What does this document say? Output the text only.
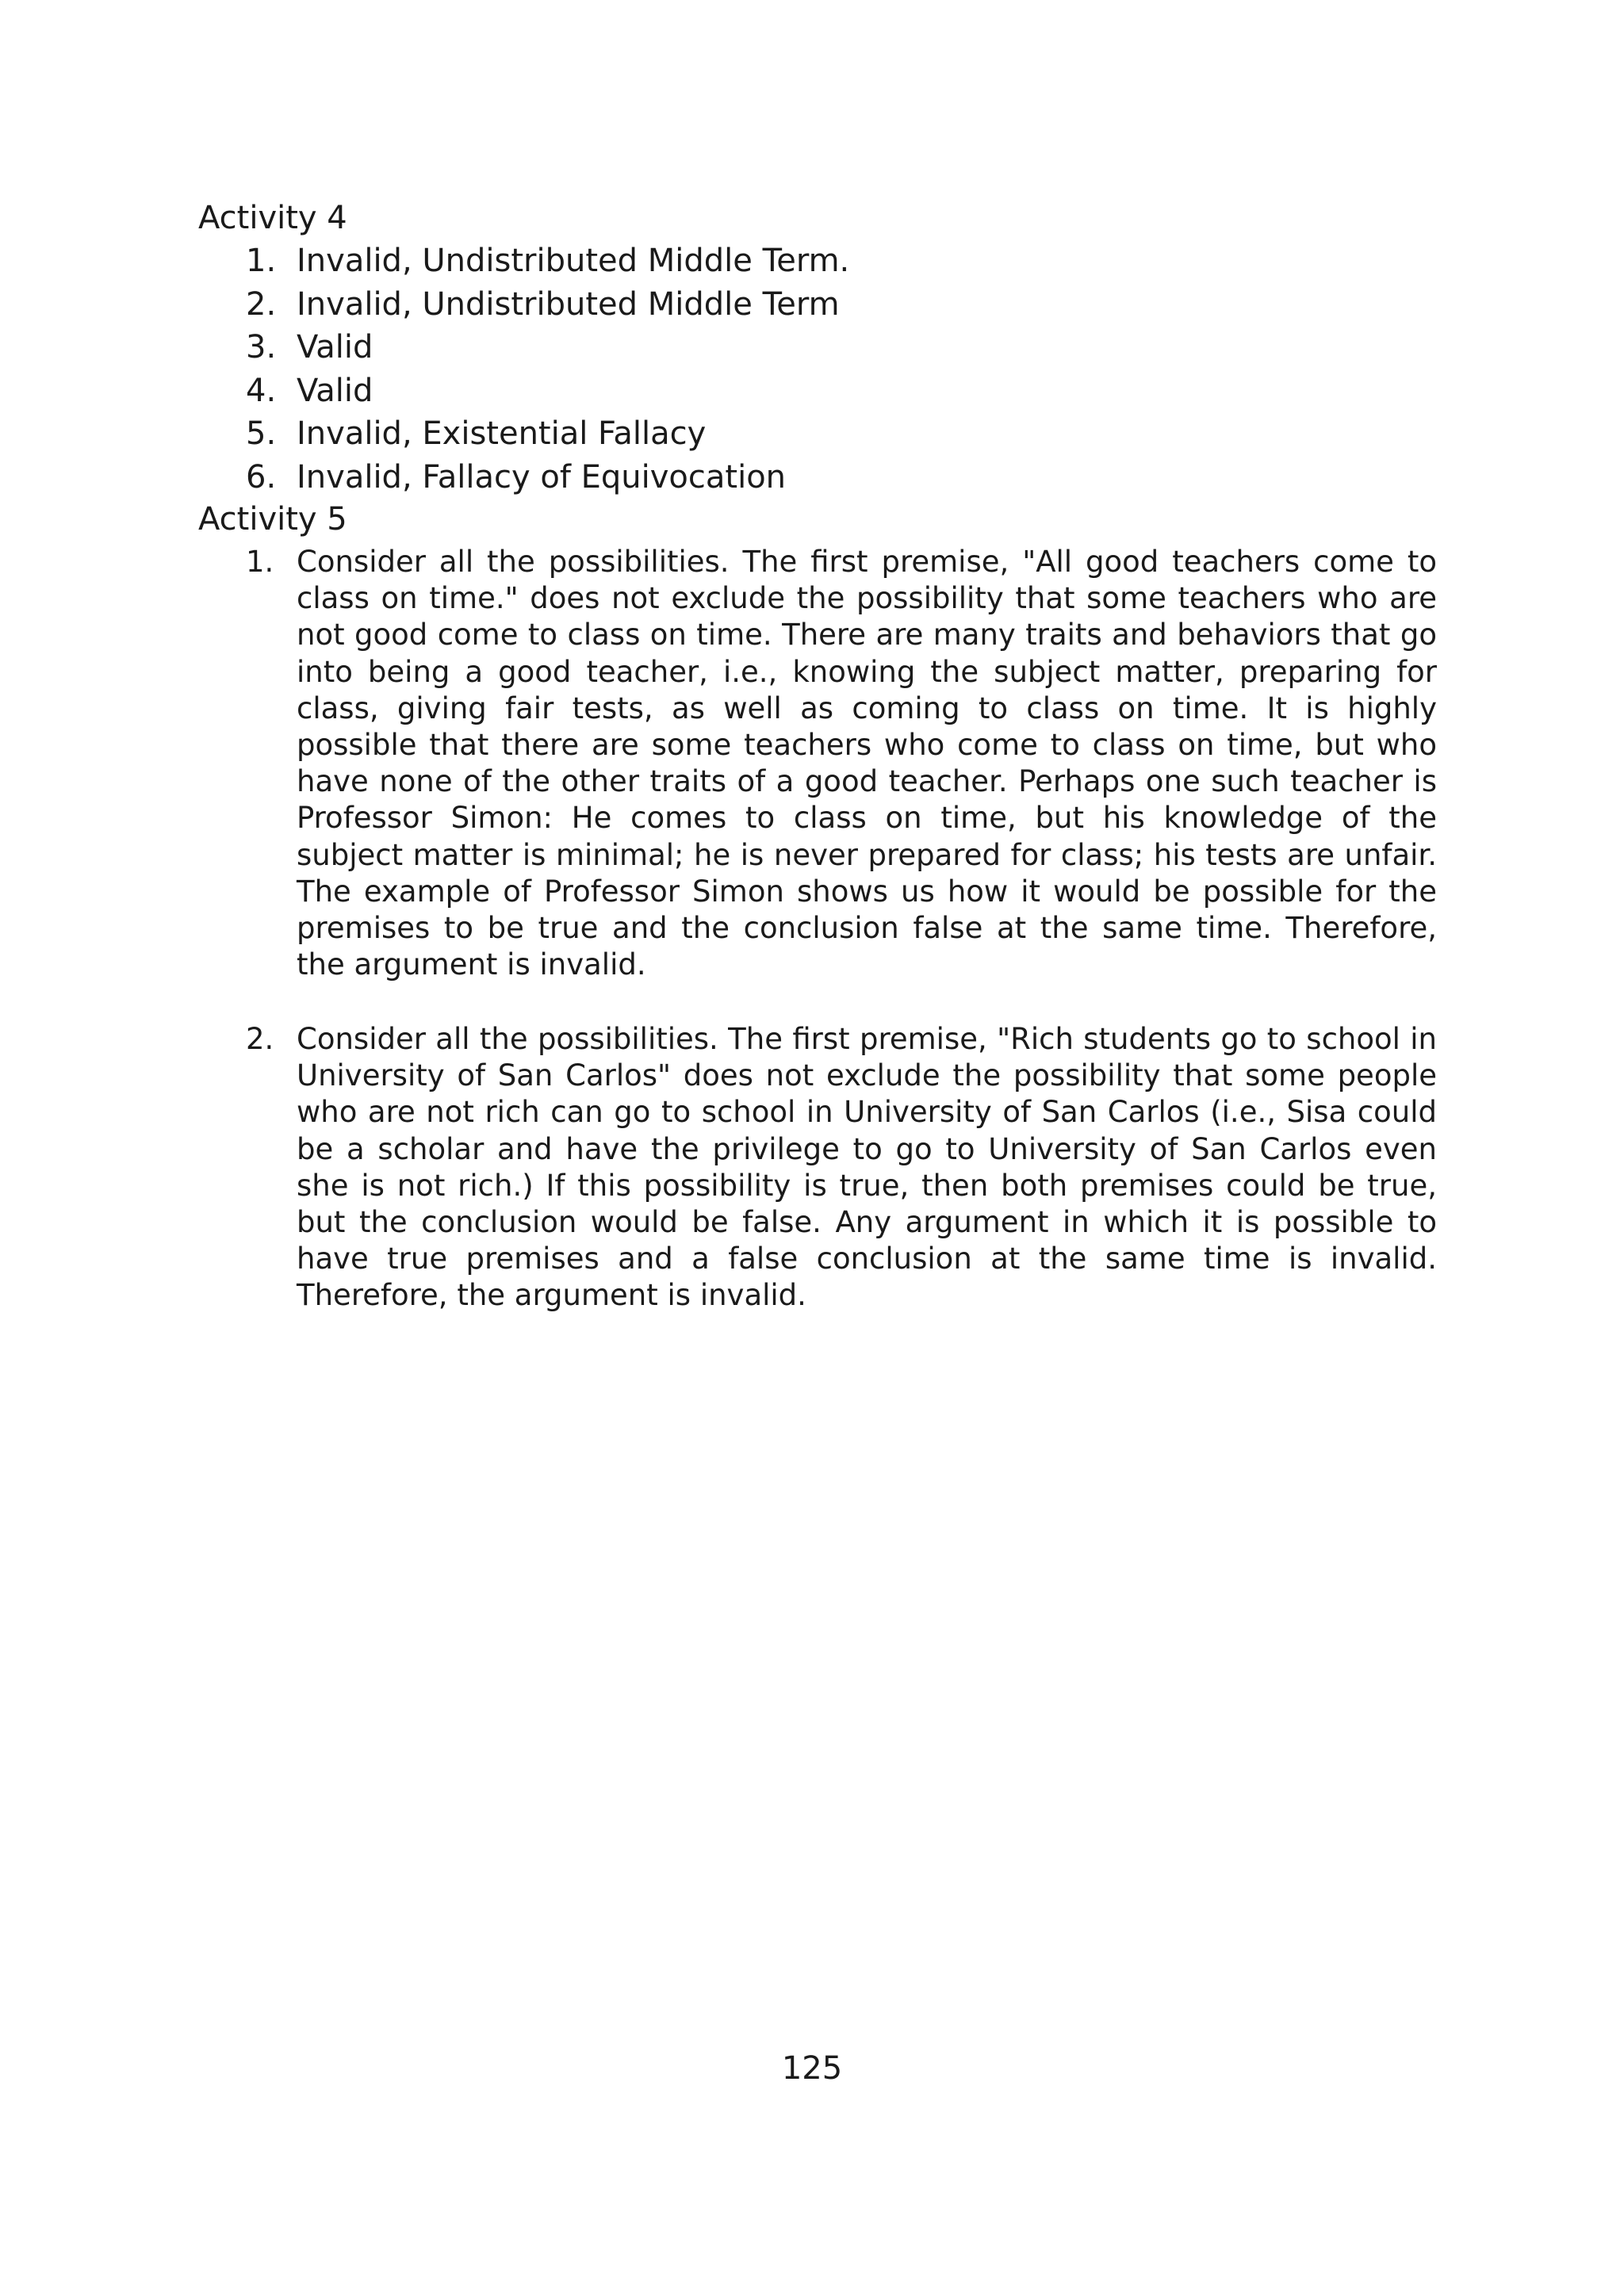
Activity 4
1. Invalid, Undistributed Middle Term.
2. Invalid, Undistributed Middle Term
3. Valid
4. Valid
5. Invalid, Existential Fallacy
6. Invalid, Fallacy of Equivocation
Activity 5
1. Consider all the possibilities. The first premise, "All good teachers come to class on time." does not exclude the possibility that some teachers who are not good come to class on time. There are many traits and behaviors that go into being a good teacher, i.e., knowing the subject matter, preparing for class, giving fair tests, as well as coming to class on time. It is highly possible that there are some teachers who come to class on time, but who have none of the other traits of a good teacher. Perhaps one such teacher is Professor Simon: He comes to class on time, but his knowledge of the subject matter is minimal; he is never prepared for class; his tests are unfair. The example of Professor Simon shows us how it would be possible for the premises to be true and the conclusion false at the same time. Therefore, the argument is invalid.
2. Consider all the possibilities. The first premise, "Rich students go to school in University of San Carlos" does not exclude the possibility that some people who are not rich can go to school in University of San Carlos (i.e., Sisa could be a scholar and have the privilege to go to University of San Carlos even she is not rich.) If this possibility is true, then both premises could be true, but the conclusion would be false. Any argument in which it is possible to have true premises and a false conclusion at the same time is invalid. Therefore, the argument is invalid.
125
